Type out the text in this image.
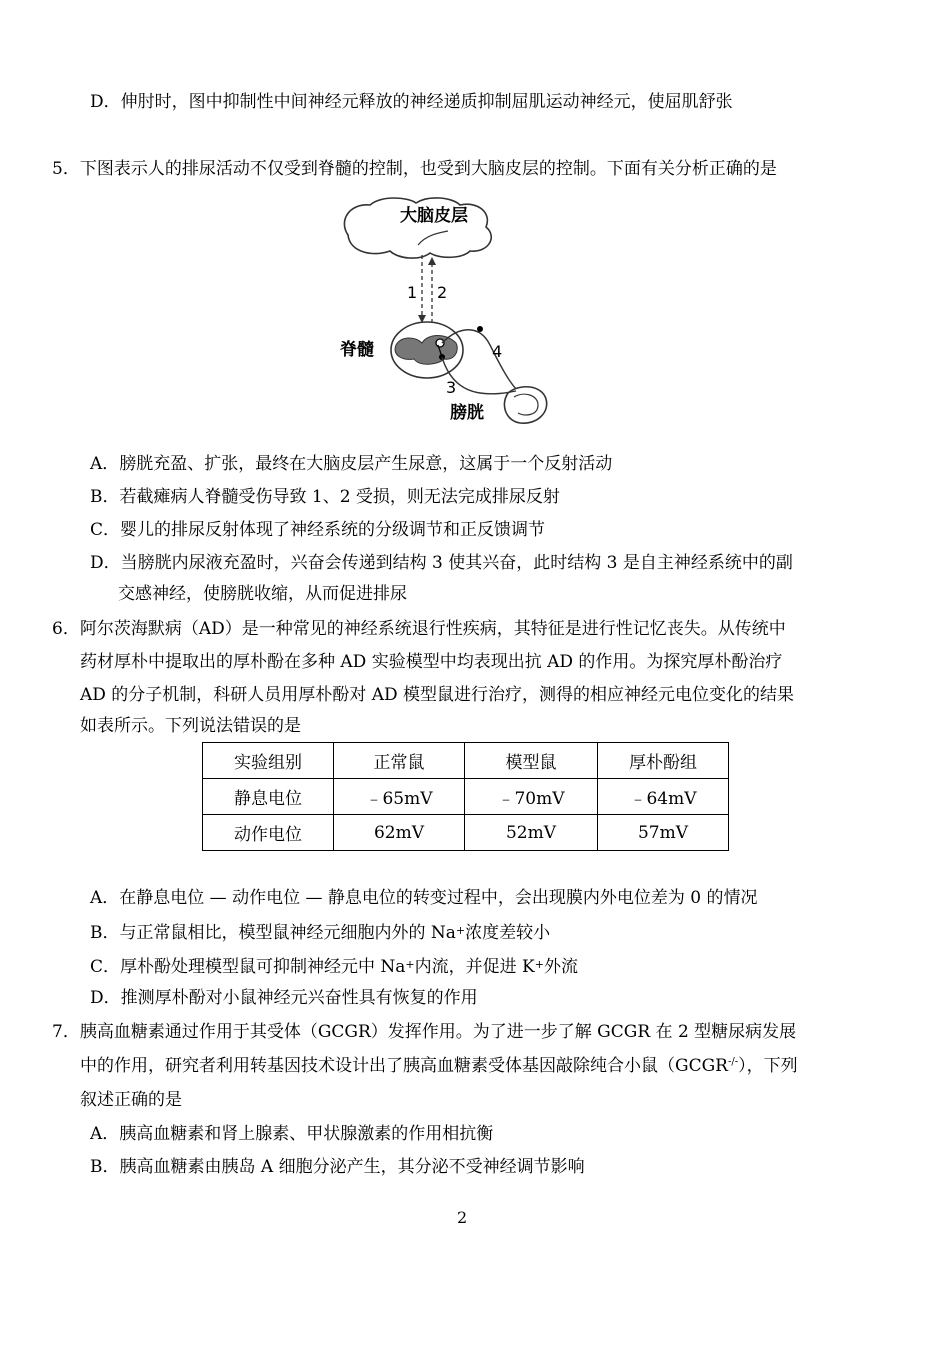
D．伸肘时，图中抑制性中间神经元释放的神经递质抑制屈肌运动神经元，使屈肌舒张
5．下图表示人的排尿活动不仅受到脊髓的控制，也受到大脑皮层的控制。下面有关分析正确的是
大脑皮层
1 2
脊髓	4
3
膀胱
A．膀胱充盈、扩张，最终在大脑皮层产生尿意，这属于一个反射活动
B．若截瘫病人脊髓受伤导致 1、2 受损，则无法完成排尿反射
C．婴儿的排尿反射体现了神经系统的分级调节和正反馈调节
D．当膀胱内尿液充盈时，兴奋会传递到结构 3 使其兴奋，此时结构 3 是自主神经系统中的副
交感神经，使膀胱收缩，从而促进排尿
6．阿尔茨海默病（AD）是一种常见的神经系统退行性疾病，其特征是进行性记忆丧失。从传统中
药材厚朴中提取出的厚朴酚在多种 AD 实验模型中均表现出抗 AD 的作用。为探究厚朴酚治疗
AD 的分子机制，科研人员用厚朴酚对 AD 模型鼠进行治疗，测得的相应神经元电位变化的结果
如表所示。下列说法错误的是
实验组别	正常鼠	模型鼠	厚朴酚组
静息电位	﹣65mV	﹣70mV	﹣64mV
动作电位	62mV	52mV	57mV
A．在静息电位 — 动作电位 — 静息电位的转变过程中，会出现膜内外电位差为 0 的情况
B．与正常鼠相比，模型鼠神经元细胞内外的 Na+浓度差较小
C．厚朴酚处理模型鼠可抑制神经元中 Na+内流，并促进 K+外流
D．推测厚朴酚对小鼠神经元兴奋性具有恢复的作用
7．胰高血糖素通过作用于其受体（GCGR）发挥作用。为了进一步了解 GCGR 在 2 型糖尿病发展
中的作用，研究者利用转基因技术设计出了胰高血糖素受体基因敲除纯合小鼠（GCGR-/-），下列
叙述正确的是
A．胰高血糖素和肾上腺素、甲状腺激素的作用相抗衡
B．胰高血糖素由胰岛 A 细胞分泌产生，其分泌不受神经调节影响
2
